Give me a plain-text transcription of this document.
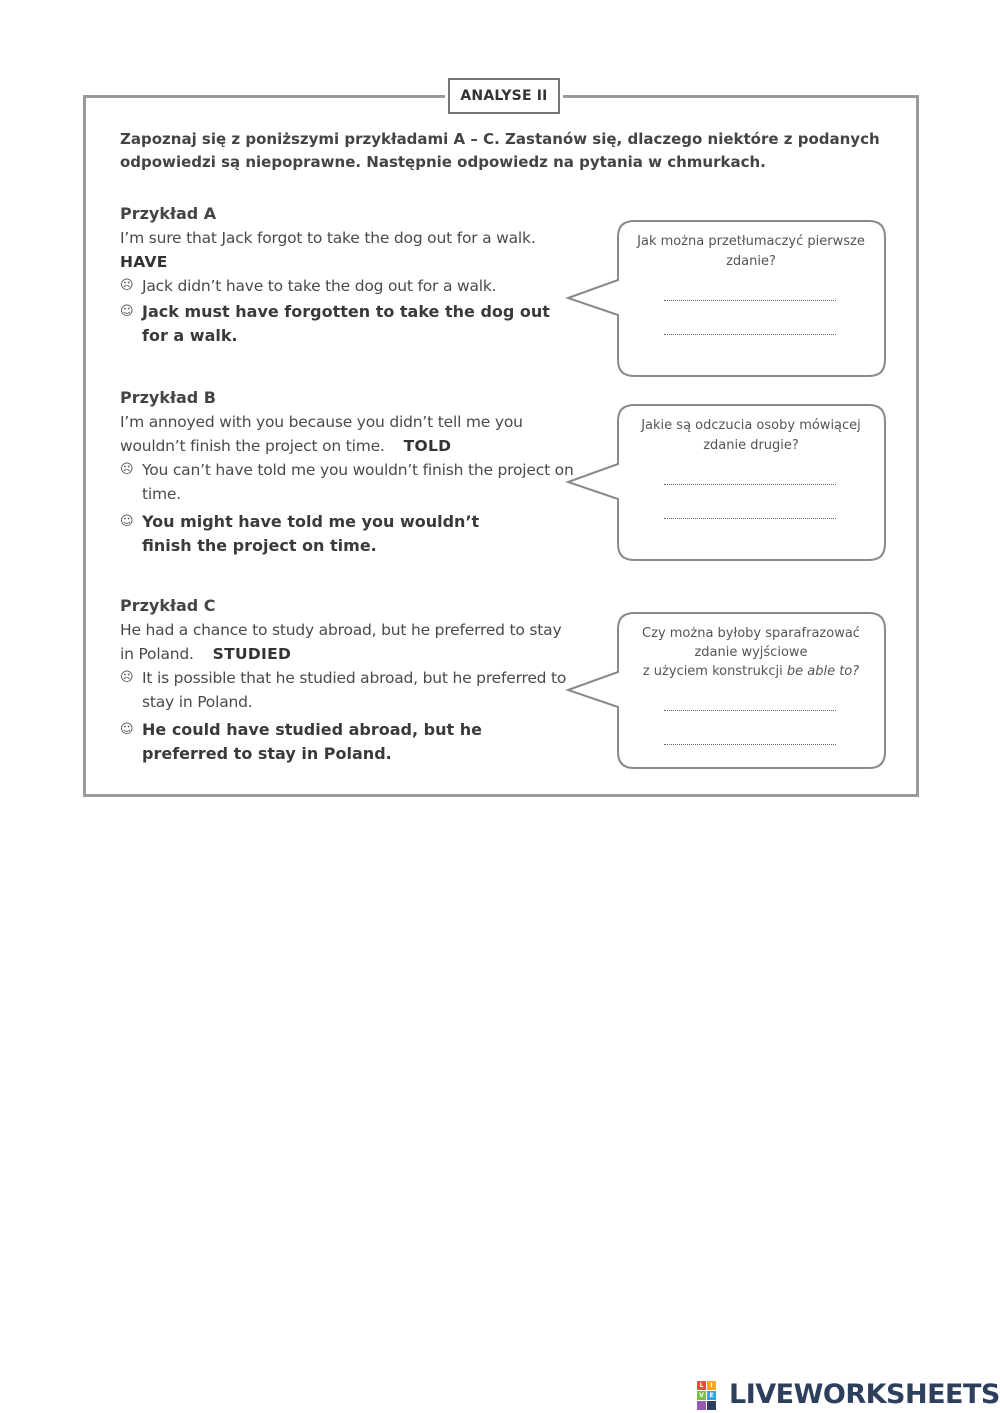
ANALYSE II
Zapoznaj się z poniższymi przykładami A – C. Zastanów się, dlaczego niektóre z podanych odpowiedzi są niepoprawne. Następnie odpowiedz na pytania w chmurkach.

Przykład A

I’m sure that Jack forgot to take the dog out for a walk.

HAVE

☹ Jack didn’t have to take the dog out for a walk.

☺ Jack must have forgotten to take the dog out for a walk.

Przykład B

I’m annoyed with you because you didn’t tell me you wouldn’t finish the project on time. TOLD

☹ You can’t have told me you wouldn’t finish the project on time.

☺ You might have told me you wouldn’t finish the project on time.

Przykład C

He had a chance to study abroad, but he preferred to stay in Poland. STUDIED

☹ It is possible that he studied abroad, but he preferred to stay in Poland.

☺ He could have studied abroad, but he preferred to stay in Poland.

Jak można przetłumaczyć pierwsze zdanie?
Jakie są odczucia osoby mówiącej zdanie drugie?
Czy można byłoby sparafrazować zdanie wyjściowe
z użyciem konstrukcji be able to?
L	I
V E LIVEWORKSHEETS
